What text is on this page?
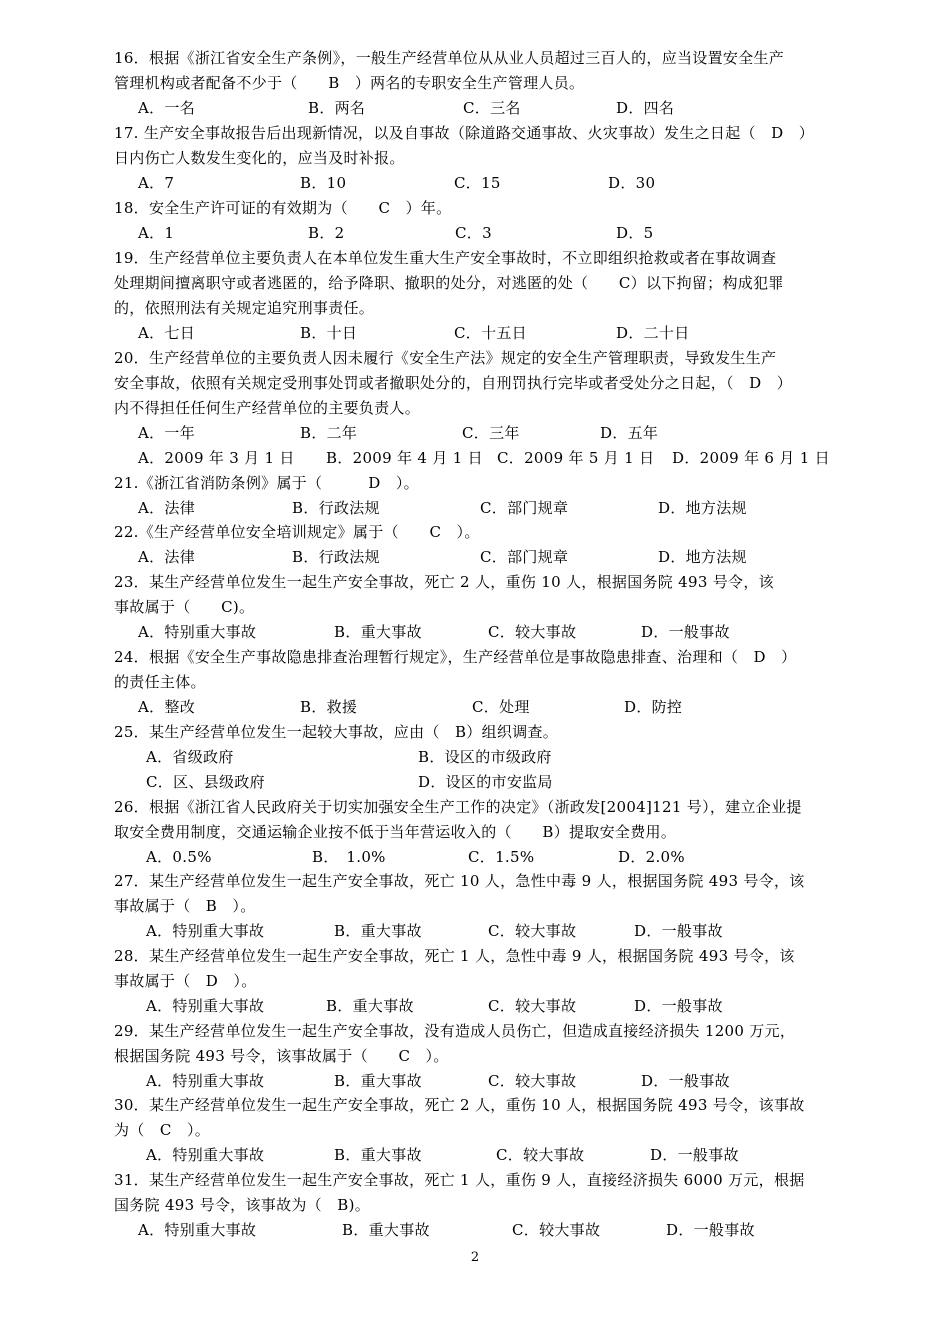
16．根据《浙江省安全生产条例》，一般生产经营单位从从业人员超过三百人的，应当设置安全生产
管理机构或者配备不少于（　　B　）两名的专职安全生产管理人员。
A．一名	B．两名	C．三名	D．四名
17. 生产安全事故报告后出现新情况，以及自事故（除道路交通事故、火灾事故）发生之日起（　D　）
日内伤亡人数发生变化的，应当及时补报。
A．7	B．10	C．15	D．30
18．安全生产许可证的有效期为（　　C　）年。
A．1	B．2	C．3	D．5
19．生产经营单位主要负责人在本单位发生重大生产安全事故时，不立即组织抢救或者在事故调查
处理期间擅离职守或者逃匿的，给予降职、撤职的处分，对逃匿的处（　　C）以下拘留；构成犯罪
的，依照刑法有关规定追究刑事责任。
A．七日	B．十日	C．十五日	D．二十日
20．生产经营单位的主要负责人因未履行《安全生产法》规定的安全生产管理职责，导致发生生产
安全事故，依照有关规定受刑事处罚或者撤职处分的，自刑罚执行完毕或者受处分之日起，（　D　）
内不得担任任何生产经营单位的主要负责人。
A．一年	B．二年	C．三年	D．五年
A．2009 年 3 月 1 日 B．2009 年 4 月 1 日 C．2009 年 5 月 1 日 D．2009 年 6 月 1 日
21.《浙江省消防条例》属于（　　　D　）。
A．法律	B．行政法规	C．部门规章	D．地方法规
22.《生产经营单位安全培训规定》属于（　　C　）。
A．法律	B．行政法规	C．部门规章	D．地方法规
23．某生产经营单位发生一起生产安全事故，死亡 2 人，重伤 10 人，根据国务院 493 号令，该
事故属于（　　C)。
A．特别重大事故	B．重大事故	C．较大事故	D．一般事故
24．根据《安全生产事故隐患排查治理暂行规定》，生产经营单位是事故隐患排查、治理和（　D　）
的责任主体。
A．整改	B．救援	C．处理	D．防控
25．某生产经营单位发生一起较大事故，应由（　B）组织调查。
A．省级政府	B．设区的市级政府
C．区、县级政府	D．设区的市安监局
26．根据《浙江省人民政府关于切实加强安全生产工作的决定》（浙政发[2004]121 号），建立企业提
取安全费用制度，交通运输企业按不低于当年营运收入的（　　B）提取安全费用。
A．0.5%	B．　1.0%	C．1.5%	D．2.0%
27．某生产经营单位发生一起生产安全事故，死亡 10 人，急性中毒 9 人，根据国务院 493 号令，该
事故属于（　B　）。
A．特别重大事故	B．重大事故	C．较大事故	D．一般事故
28．某生产经营单位发生一起生产安全事故，死亡 1 人，急性中毒 9 人，根据国务院 493 号令，该
事故属于（　D　）。
A．特别重大事故	B．重大事故	C．较大事故	D．一般事故
29．某生产经营单位发生一起生产安全事故，没有造成人员伤亡，但造成直接经济损失 1200 万元，
根据国务院 493 号令，该事故属于（　　C　）。
A．特别重大事故	B．重大事故	C．较大事故	D．一般事故
30．某生产经营单位发生一起生产安全事故，死亡 2 人，重伤 10 人，根据国务院 493 号令，该事故
为（　C　）。
A．特别重大事故	B．重大事故	C．较大事故	D．一般事故
31．某生产经营单位发生一起生产安全事故，死亡 1 人，重伤 9 人，直接经济损失 6000 万元，根据
国务院 493 号令，该事故为（　B)。
A．特别重大事故	B．重大事故	C．较大事故	D．一般事故
2
